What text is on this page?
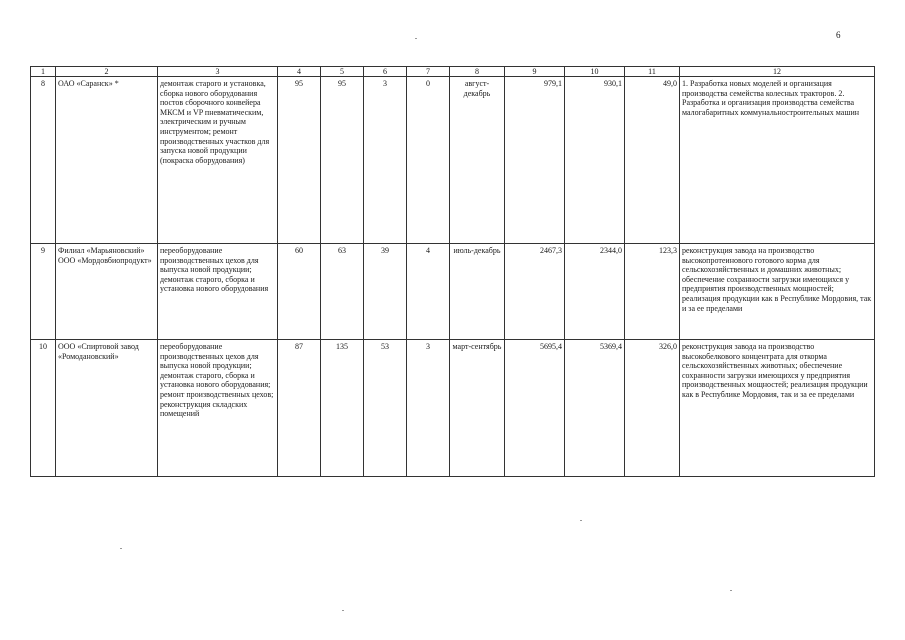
6
1	2	3	4	5	6	7	8	9	10	11	12
8	ОАО «Саранск» *	демонтаж старого и установка, сборка нового оборудования постов сборочного конвейера МКСМ и VP пневматическим, электрическим и ручным инструментом; ремонт производственных участков для запуска новой продукции (покраска оборудования)	95	95	3	0	август-декабрь	979,1	930,1	49,0	1. Разработка новых моделей и организация производства семейства колесных тракторов. 2. Разработка и организация производства семейства малогабаритных коммунальностроительных машин
9	Филиал «Марьяновский» ООО «Мордовбиопродукт»	переоборудование производственных цехов для выпуска новой продукции; демонтаж старого, сборка и установка нового оборудования	60	63	39	4	июль-декабрь	2467,3	2344,0	123,3	реконструкция завода на производство высокопротеинового готового корма для сельскохозяйственных и домашних животных; обеспечение сохранности загрузки имеющихся у предприятия производственных мощностей; реализация продукции как в Республике Мордовия, так и за ее пределами
10	ООО «Спиртовой завод «Ромодановский»	переоборудование производственных цехов для выпуска новой продукции; демонтаж старого, сборка и установка нового оборудования; ремонт производственных цехов; реконструкция складских помещений	87	135	53	3	март-сентябрь	5695,4	5369,4	326,0	реконструкция завода на производство высокобелкового концентрата для откорма сельскохозяйственных животных; обеспечение сохранности загрузки имеющихся у предприятия производственных мощностей; реализация продукции как в Республике Мордовия, так и за ее пределами
